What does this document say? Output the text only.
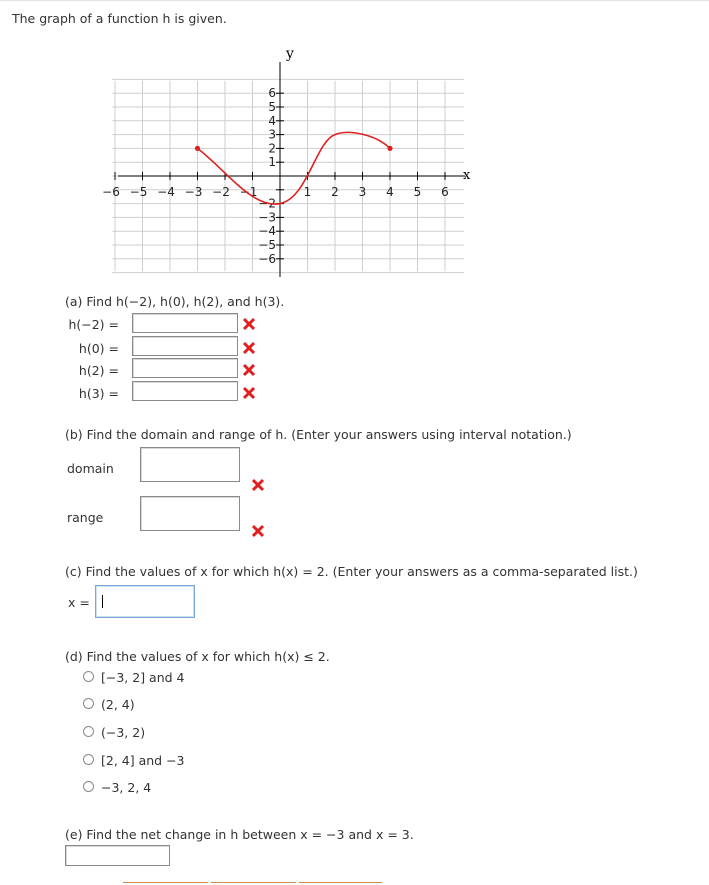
The graph of a function h is given.
x
y
−6 −5 −4 −3 −2 −1	1 2 3 4 5 6
6
5
4
3
2
1
−2
−3
−4
−5
−6
(a) Find h(−2), h(0), h(2), and h(3).
h(−2) =
h(0) =
h(2) =
h(3) =
(b) Find the domain and range of h. (Enter your answers using interval notation.)
domain
range
(c) Find the values of x for which h(x) = 2. (Enter your answers as a comma-separated list.)
x =
(d) Find the values of x for which h(x) ≤ 2.
[−3, 2] and 4
(2, 4)
(−3, 2)
[2, 4] and −3
−3, 2, 4
(e) Find the net change in h between x = −3 and x = 3.
